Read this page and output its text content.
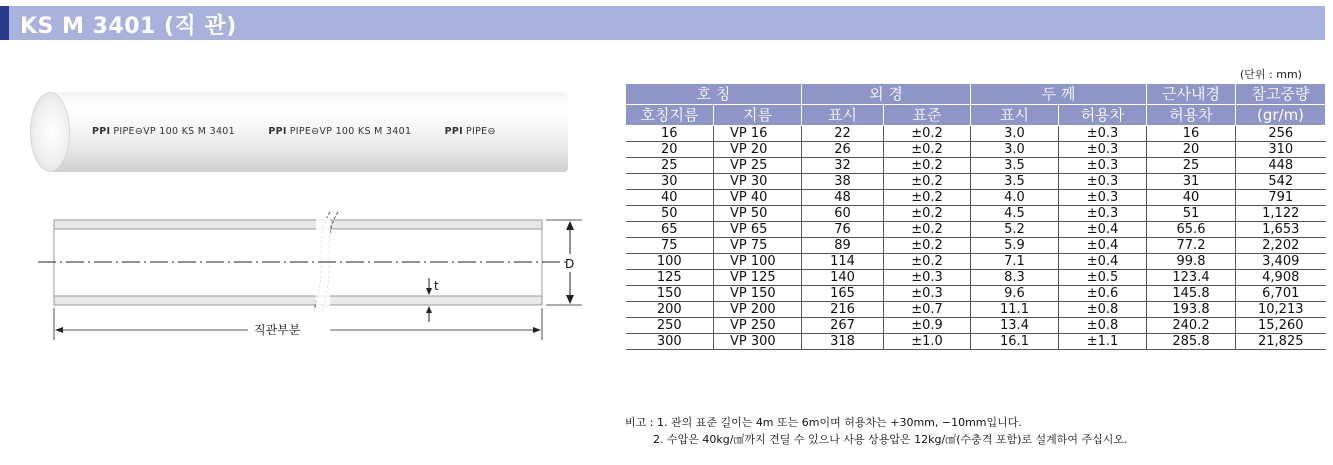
KS M 3401 (직 관)
PPI PIPE⊖VP 100 KS M 3401	PPI PIPE⊖VP 100 KS M 3401	PPI PIPE⊖
D
t
직관부분
(단위 : mm)
호 칭		외 경		두 께		근사내경	참고중량
호칭지름	지름	표시	표준	표시	허용차	허용차	(gr/m)
16	VP 16	22	±0.2	3.0	±0.3	16	256
20	VP 20	26	±0.2	3.0	±0.3	20	310
25	VP 25	32	±0.2	3.5	±0.3	25	448
30	VP 30	38	±0.2	3.5	±0.3	31	542
40	VP 40	48	±0.2	4.0	±0.3	40	791
50	VP 50	60	±0.2	4.5	±0.3	51	1,122
65	VP 65	76	±0.2	5.2	±0.4	65.6	1,653
75	VP 75	89	±0.2	5.9	±0.4	77.2	2,202
100	VP 100	114	±0.2	7.1	±0.4	99.8	3,409
125	VP 125	140	±0.3	8.3	±0.5	123.4	4,908
150	VP 150	165	±0.3	9.6	±0.6	145.8	6,701
200	VP 200	216	±0.7	11.1	±0.8	193.8	10,213
250	VP 250	267	±0.9	13.4	±0.8	240.2	15,260
300	VP 300	318	±1.0	16.1	±1.1	285.8	21,825
비고 : 1. 관의 표준 길이는 4m 또는 6m이며 허용차는 +30mm, −10mm입니다.
2. 수압은 40kg/㎠까지 견딜 수 있으나 사용 상용압은 12kg/㎠(수충격 포함)로 설계하여 주십시오.
